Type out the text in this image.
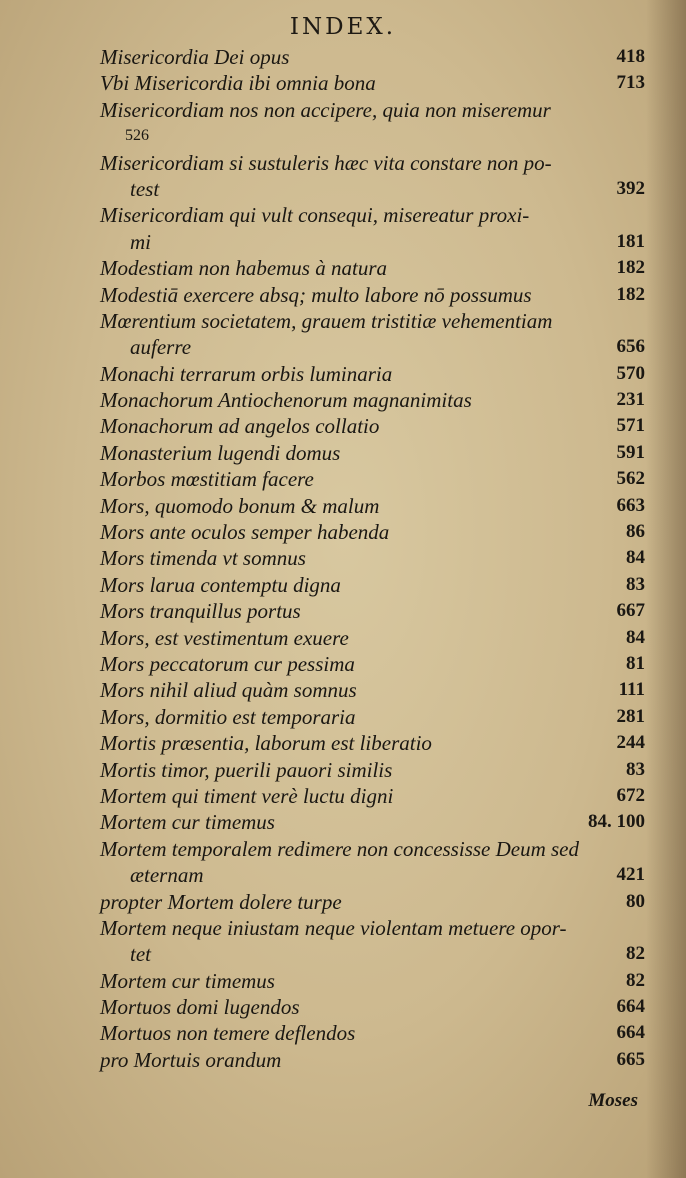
INDEX.
Misericordia Dei opus	418
Vbi Misericordia ibi omnia bona	713
Misericordiam nos non accipere, quia non miseremur
526
Misericordiam si sustuleris hæc vita constare non po-
test	392
Misericordiam qui vult consequi, misereatur proxi-
mi	181
Modestiam non habemus à natura	182
Modestiā exercere absq; multo labore nō possumus	182
Mœrentium societatem, grauem tristitiæ vehementiam
auferre	656
Monachi terrarum orbis luminaria	570
Monachorum Antiochenorum magnanimitas	231
Monachorum ad angelos collatio	571
Monasterium lugendi domus	591
Morbos mœstitiam facere	562
Mors, quomodo bonum & malum	663
Mors ante oculos semper habenda	86
Mors timenda vt somnus	84
Mors larua contemptu digna	83
Mors tranquillus portus	667
Mors, est vestimentum exuere	84
Mors peccatorum cur pessima	81
Mors nihil aliud quàm somnus	111
Mors, dormitio est temporaria	281
Mortis præsentia, laborum est liberatio	244
Mortis timor, puerili pauori similis	83
Mortem qui timent verè luctu digni	672
Mortem cur timemus	84. 100
Mortem temporalem redimere non concessisse Deum sed
æternam	421
propter Mortem dolere turpe	80
Mortem neque iniustam neque violentam metuere opor-
tet	82
Mortem cur timemus	82
Mortuos domi lugendos	664
Mortuos non temere deflendos	664
pro Mortuis orandum	665
Moses
